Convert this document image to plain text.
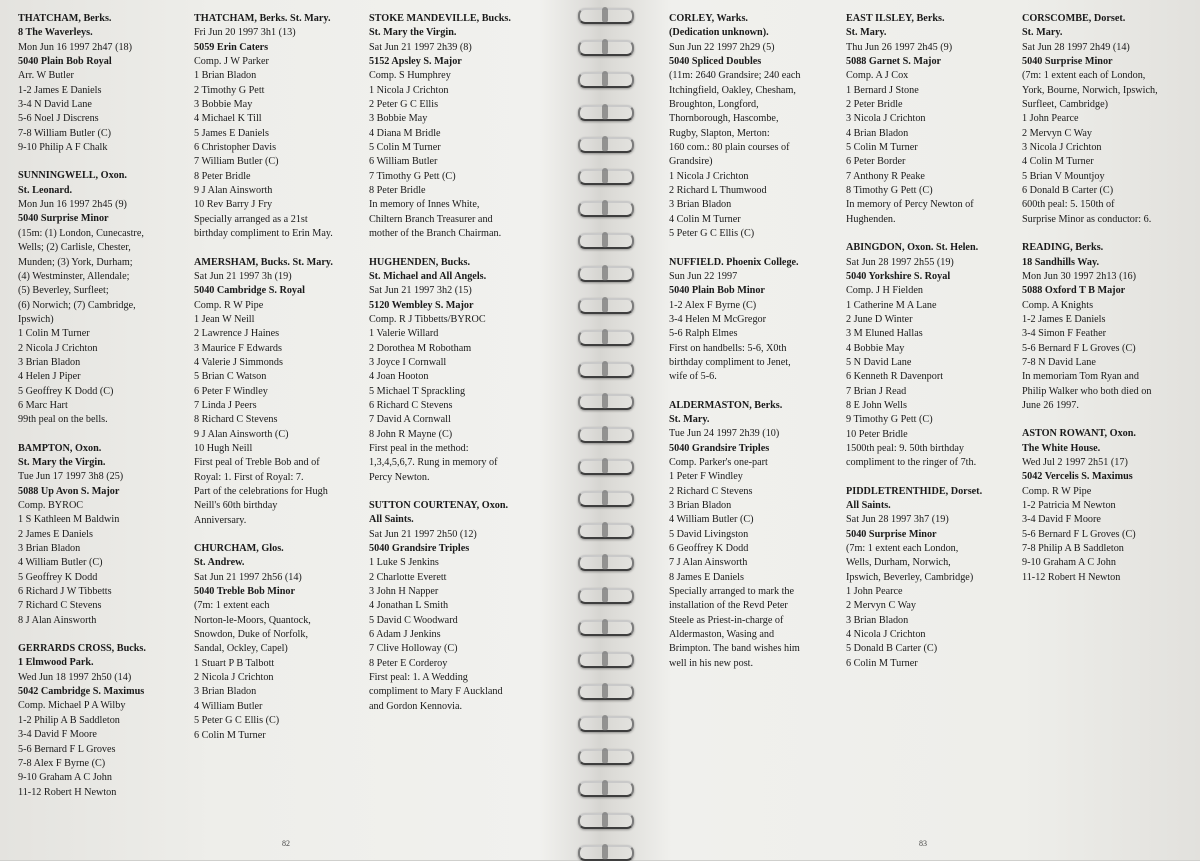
THATCHAM, Berks.
8 The Waverleys.
Mon Jun 16 1997 2h47 (18)
5040 Plain Bob Royal
Arr. W Butler
1-2 James E Daniels
3-4 N David Lane
5-6 Noel J Discrens
7-8 William Butler (C)
9-10 Philip A F Chalk
SUNNINGWELL, Oxon.
St. Leonard.
Mon Jun 16 1997 2h45 (9)
5040 Surprise Minor
(15m: (1) London, Cunecastre,
Wells; (2) Carlisle, Chester,
Munden; (3) York, Durham;
(4) Westminster, Allendale;
(5) Beverley, Surfleet;
(6) Norwich; (7) Cambridge,
Ipswich)
1 Colin M Turner
2 Nicola J Crichton
3 Brian Bladon
4 Helen J Piper
5 Geoffrey K Dodd (C)
6 Marc Hart
99th peal on the bells.
BAMPTON, Oxon.
St. Mary the Virgin.
Tue Jun 17 1997 3h8 (25)
5088 Up Avon S. Major
Comp. BYROC
1 S Kathleen M Baldwin
2 James E Daniels
3 Brian Bladon
4 William Butler (C)
5 Geoffrey K Dodd
6 Richard J W Tibbetts
7 Richard C Stevens
8 J Alan Ainsworth
GERRARDS CROSS, Bucks.
1 Elmwood Park.
Wed Jun 18 1997 2h50 (14)
5042 Cambridge S. Maximus
Comp. Michael P A Wilby
1-2 Philip A B Saddleton
3-4 David F Moore
5-6 Bernard F L Groves
7-8 Alex F Byrne (C)
9-10 Graham A C John
11-12 Robert H Newton
THATCHAM, Berks. St. Mary.
Fri Jun 20 1997 3h1 (13)
5059 Erin Caters
Comp. J W Parker
1 Brian Bladon
2 Timothy G Pett
3 Bobbie May
4 Michael K Till
5 James E Daniels
6 Christopher Davis
7 William Butler (C)
8 Peter Bridle
9 J Alan Ainsworth
10 Rev Barry J Fry
Specially arranged as a 21st
birthday compliment to Erin May.
AMERSHAM, Bucks. St. Mary.
Sat Jun 21 1997 3h (19)
5040 Cambridge S. Royal
Comp. R W Pipe
1 Jean W Neill
2 Lawrence J Haines
3 Maurice F Edwards
4 Valerie J Simmonds
5 Brian C Watson
6 Peter F Windley
7 Linda J Peers
8 Richard C Stevens
9 J Alan Ainsworth (C)
10 Hugh Neill
First peal of Treble Bob and of
Royal: 1. First of Royal: 7.
Part of the celebrations for Hugh
Neill's 60th birthday
Anniversary.
CHURCHAM, Glos.
St. Andrew.
Sat Jun 21 1997 2h56 (14)
5040 Treble Bob Minor
(7m: 1 extent each
Norton-le-Moors, Quantock,
Snowdon, Duke of Norfolk,
Sandal, Ockley, Capel)
1 Stuart P B Talbott
2 Nicola J Crichton
3 Brian Bladon
4 William Butler
5 Peter G C Ellis (C)
6 Colin M Turner
STOKE MANDEVILLE, Bucks.
St. Mary the Virgin.
Sat Jun 21 1997 2h39 (8)
5152 Apsley S. Major
Comp. S Humphrey
1 Nicola J Crichton
2 Peter G C Ellis
3 Bobbie May
4 Diana M Bridle
5 Colin M Turner
6 William Butler
7 Timothy G Pett (C)
8 Peter Bridle
In memory of Innes White,
Chiltern Branch Treasurer and
mother of the Branch Chairman.
HUGHENDEN, Bucks.
St. Michael and All Angels.
Sat Jun 21 1997 3h2 (15)
5120 Wembley S. Major
Comp. R J Tibbetts/BYROC
1 Valerie Willard
2 Dorothea M Robotham
3 Joyce I Cornwall
4 Joan Hooton
5 Michael T Sprackling
6 Richard C Stevens
7 David A Cornwall
8 John R Mayne (C)
First peal in the method:
1,3,4,5,6,7. Rung in memory of
Percy Newton.
SUTTON COURTENAY, Oxon.
All Saints.
Sat Jun 21 1997 2h50 (12)
5040 Grandsire Triples
1 Luke S Jenkins
2 Charlotte Everett
3 John H Napper
4 Jonathan L Smith
5 David C Woodward
6 Adam J Jenkins
7 Clive Holloway (C)
8 Peter E Corderoy
First peal: 1. A Wedding
compliment to Mary F Auckland
and Gordon Kennovia.
82
CORLEY, Warks.
(Dedication unknown).
Sun Jun 22 1997 2h29 (5)
5040 Spliced Doubles
(11m: 2640 Grandsire; 240 each
Itchingfield, Oakley, Chesham,
Broughton, Longford,
Thornborough, Hascombe,
Rugby, Slapton, Merton:
160 com.: 80 plain courses of
Grandsire)
1 Nicola J Crichton
2 Richard L Thumwood
3 Brian Bladon
4 Colin M Turner
5 Peter G C Ellis (C)
NUFFIELD. Phoenix College.
Sun Jun 22 1997
5040 Plain Bob Minor
1-2 Alex F Byrne (C)
3-4 Helen M McGregor
5-6 Ralph Elmes
First on handbells: 5-6, X0th
birthday compliment to Jenet,
wife of 5-6.
ALDERMASTON, Berks.
St. Mary.
Tue Jun 24 1997 2h39 (10)
5040 Grandsire Triples
Comp. Parker's one-part
1 Peter F Windley
2 Richard C Stevens
3 Brian Bladon
4 William Butler (C)
5 David Livingston
6 Geoffrey K Dodd
7 J Alan Ainsworth
8 James E Daniels
Specially arranged to mark the
installation of the Revd Peter
Steele as Priest-in-charge of
Aldermaston, Wasing and
Brimpton. The band wishes him
well in his new post.
EAST ILSLEY, Berks.
St. Mary.
Thu Jun 26 1997 2h45 (9)
5088 Garnet S. Major
Comp. A J Cox
1 Bernard J Stone
2 Peter Bridle
3 Nicola J Crichton
4 Brian Bladon
5 Colin M Turner
6 Peter Border
7 Anthony R Peake
8 Timothy G Pett (C)
In memory of Percy Newton of
Hughenden.
ABINGDON, Oxon. St. Helen.
Sat Jun 28 1997 2h55 (19)
5040 Yorkshire S. Royal
Comp. J H Fielden
1 Catherine M A Lane
2 June D Winter
3 M Eluned Hallas
4 Bobbie May
5 N David Lane
6 Kenneth R Davenport
7 Brian J Read
8 E John Wells
9 Timothy G Pett (C)
10 Peter Bridle
1500th peal: 9. 50th birthday
compliment to the ringer of 7th.
PIDDLETRENTHIDE, Dorset.
All Saints.
Sat Jun 28 1997 3h7 (19)
5040 Surprise Minor
(7m: 1 extent each London,
Wells, Durham, Norwich,
Ipswich, Beverley, Cambridge)
1 John Pearce
2 Mervyn C Way
3 Brian Bladon
4 Nicola J Crichton
5 Donald B Carter (C)
6 Colin M Turner
CORSCOMBE, Dorset.
St. Mary.
Sat Jun 28 1997 2h49 (14)
5040 Surprise Minor
(7m: 1 extent each of London,
York, Bourne, Norwich, Ipswich,
Surfleet, Cambridge)
1 John Pearce
2 Mervyn C Way
3 Nicola J Crichton
4 Colin M Turner
5 Brian V Mountjoy
6 Donald B Carter (C)
600th peal: 5. 150th of
Surprise Minor as conductor: 6.
READING, Berks.
18 Sandhills Way.
Mon Jun 30 1997 2h13 (16)
5088 Oxford T B Major
Comp. A Knights
1-2 James E Daniels
3-4 Simon F Feather
5-6 Bernard F L Groves (C)
7-8 N David Lane
In memoriam Tom Ryan and
Philip Walker who both died on
June 26 1997.
ASTON ROWANT, Oxon.
The White House.
Wed Jul 2 1997 2h51 (17)
5042 Vercelis S. Maximus
Comp. R W Pipe
1-2 Patricia M Newton
3-4 David F Moore
5-6 Bernard F L Groves (C)
7-8 Philip A B Saddleton
9-10 Graham A C John
11-12 Robert H Newton
83
